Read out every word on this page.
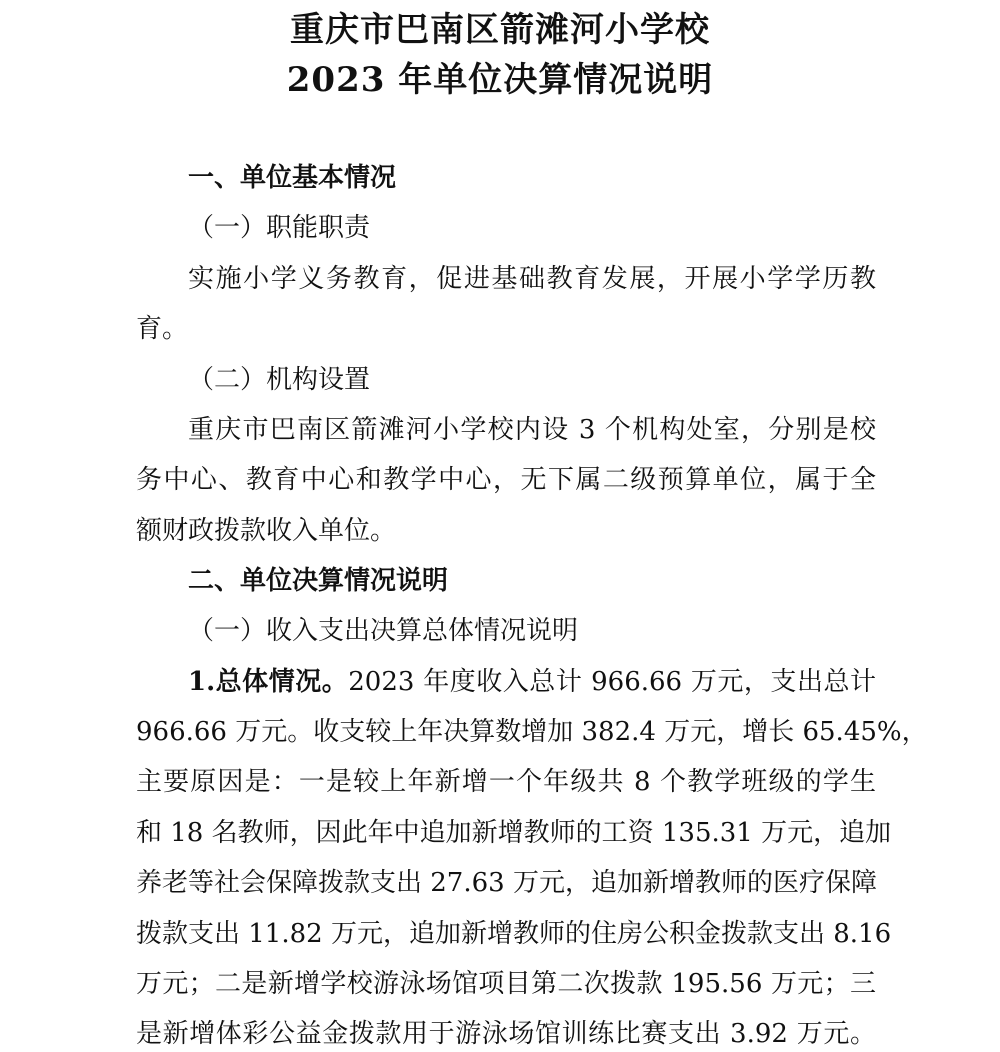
重庆市巴南区箭滩河小学校
2023 年单位决算情况说明
一、单位基本情况
（一）职能职责
实施小学义务教育，促进基础教育发展，开展小学学历教
育。
（二）机构设置
重庆市巴南区箭滩河小学校内设 3 个机构处室，分别是校
务中心、教育中心和教学中心，无下属二级预算单位，属于全
额财政拨款收入单位。
二、单位决算情况说明
（一）收入支出决算总体情况说明
1.总体情况。2023 年度收入总计 966.66 万元，支出总计
966.66 万元。收支较上年决算数增加 382.4 万元，增长 65.45%，
主要原因是：一是较上年新增一个年级共 8 个教学班级的学生
和 18 名教师，因此年中追加新增教师的工资 135.31 万元，追加
养老等社会保障拨款支出 27.63 万元，追加新增教师的医疗保障
拨款支出 11.82 万元，追加新增教师的住房公积金拨款支出 8.16
万元；二是新增学校游泳场馆项目第二次拨款 195.56 万元；三
是新增体彩公益金拨款用于游泳场馆训练比赛支出 3.92 万元。
